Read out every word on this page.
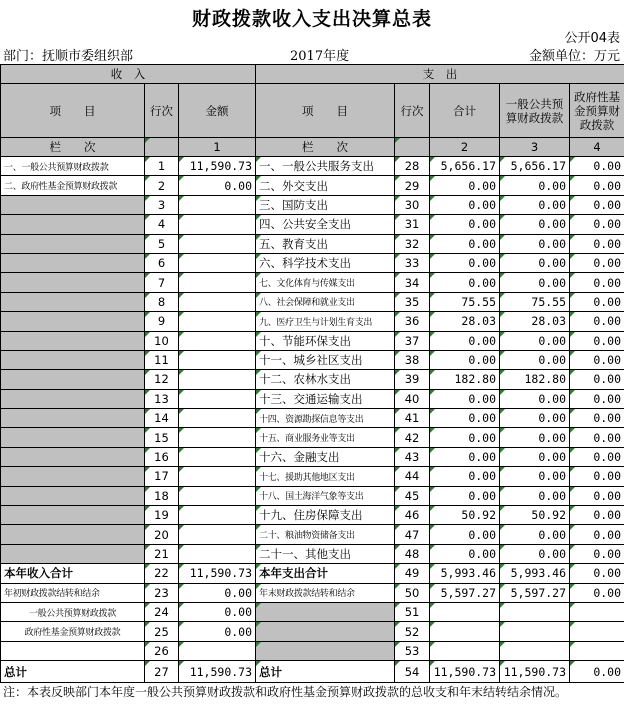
财政拨款收入支出决算总表
公开04表
部门：抚顺市委组织部	2017年度	金额单位：万元
收　入			支　出				
项　　目	行次	金额	项　　目	行次	合计	一般公共预算财政拨款	政府性基金预算财政拨款
栏　　次		1	栏　　次		2	3	4
一、一般公共预算财政拨款	1	11,590.73	一、一般公共服务支出	28	5,656.17	5,656.17	0.00
二、政府性基金预算财政拨款	2	0.00	二、外交支出	29	0.00	0.00	0.00
	3		三、国防支出	30	0.00	0.00	0.00
	4		四、公共安全支出	31	0.00	0.00	0.00
	5		五、教育支出	32	0.00	0.00	0.00
	6		六、科学技术支出	33	0.00	0.00	0.00
	7		七、文化体育与传媒支出	34	0.00	0.00	0.00
	8		八、社会保障和就业支出	35	75.55	75.55	0.00
	9		九、医疗卫生与计划生育支出	36	28.03	28.03	0.00
	10		十、节能环保支出	37	0.00	0.00	0.00
	11		十一、城乡社区支出	38	0.00	0.00	0.00
	12		十二、农林水支出	39	182.80	182.80	0.00
	13		十三、交通运输支出	40	0.00	0.00	0.00
	14		十四、资源勘探信息等支出	41	0.00	0.00	0.00
	15		十五、商业服务业等支出	42	0.00	0.00	0.00
	16		十六、金融支出	43	0.00	0.00	0.00
	17		十七、援助其他地区支出	44	0.00	0.00	0.00
	18		十八、国土海洋气象等支出	45	0.00	0.00	0.00
	19		十九、住房保障支出	46	50.92	50.92	0.00
	20		二十、粮油物资储备支出	47	0.00	0.00	0.00
	21		二十一、其他支出	48	0.00	0.00	0.00
本年收入合计	22	11,590.73	本年支出合计	49	5,993.46	5,993.46	0.00
年初财政拨款结转和结余	23	0.00	年末财政拨款结转和结余	50	5,597.27	5,597.27	0.00
一般公共预算财政拨款	24	0.00		51			
政府性基金预算财政拨款	25	0.00		52			
	26			53			
总计	27	11,590.73	总计	54	11,590.73	11,590.73	0.00
注：本表反映部门本年度一般公共预算财政拨款和政府性基金预算财政拨款的总收支和年末结转结余情况。
